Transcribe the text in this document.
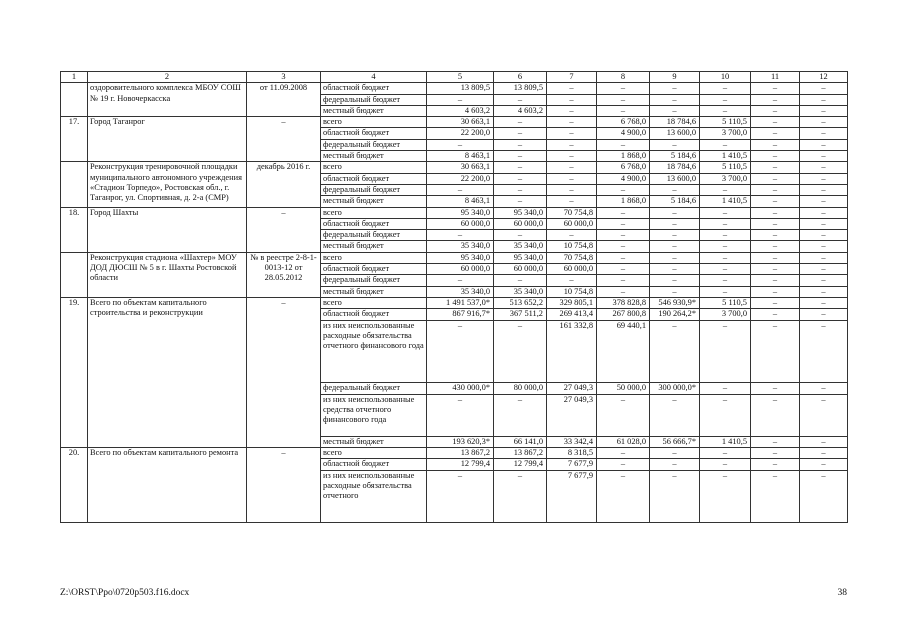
1	2	3	4	5	6	7	8	9	10	11	12
	оздоровительного комплекса МБОУ СОШ № 19 г. Новочеркасска	от 11.09.2008	областной бюджет	13 809,5	13 809,5	–	–	–	–	–	–
			федеральный бюджет	–	–	–	–	–	–	–	–
			местный бюджет	4 603,2	4 603,2	–	–	–	–	–	–
17.	Город Таганрог	–	всего	30 663,1	–	–	6 768,0	18 784,6	5 110,5	–	–
			областной бюджет	22 200,0	–	–	4 900,0	13 600,0	3 700,0	–	–
			федеральный бюджет	–	–	–	–	–	–	–	–
			местный бюджет	8 463,1	–	–	1 868,0	5 184,6	1 410,5	–	–
	Реконструкция тренировочной площадки муниципального автономного учреждения «Стадион Торпедо», Ростовская обл., г. Таганрог, ул. Спортивная, д. 2-а (СМР)	декабрь 2016 г.	всего	30 663,1	–	–	6 768,0	18 784,6	5 110,5	–	–
			областной бюджет	22 200,0	–	–	4 900,0	13 600,0	3 700,0	–	–
			федеральный бюджет	–	–	–	–	–	–	–	–
			местный бюджет	8 463,1	–	–	1 868,0	5 184,6	1 410,5	–	–
18.	Город Шахты	–	всего	95 340,0	95 340,0	70 754,8	–	–	–	–	–
			областной бюджет	60 000,0	60 000,0	60 000,0	–	–	–	–	–
			федеральный бюджет	–	–	–	–	–	–	–	–
			местный бюджет	35 340,0	35 340,0	10 754,8	–	–	–	–	–
	Реконструкция стадиона «Шахтер» МОУ ДОД ДЮСШ № 5 в г. Шахты Ростовской области	№ в реестре 2-8-1-0013-12 от 28.05.2012	всего	95 340,0	95 340,0	70 754,8	–	–	–	–	–
			областной бюджет	60 000,0	60 000,0	60 000,0	–	–	–	–	–
			федеральный бюджет	–	–	–	–	–	–	–	–
			местный бюджет	35 340,0	35 340,0	10 754,8	–	–	–	–	–
19.	Всего по объектам капитального строительства и реконструкции	–	всего	1 491 537,0*	513 652,2	329 805,1	378 828,8	546 930,9*	5 110,5	–	–
			областной бюджет	867 916,7*	367 511,2	269 413,4	267 800,8	190 264,2*	3 700,0	–	–
			из них неиспользованные расходные обязательства отчетного финансового года	–	–	161 332,8	69 440,1	–	–	–	–
			федеральный бюджет	430 000,0*	80 000,0	27 049,3	50 000,0	300 000,0*	–	–	–
			из них неиспользованные средства отчетного финансового года	–	–	27 049,3	–	–	–	–	–
			местный бюджет	193 620,3*	66 141,0	33 342,4	61 028,0	56 666,7*	1 410,5	–	–
20.	Всего по объектам капитального ремонта	–	всего	13 867,2	13 867,2	8 318,5	–	–	–	–	–
			областной бюджет	12 799,4	12 799,4	7 677,9	–	–	–	–	–
			из них неиспользованные расходные обязательства отчетного	–	–	7 677,9	–	–	–	–	–
Z:\ORST\Ppo\0720p503.f16.docx	38
